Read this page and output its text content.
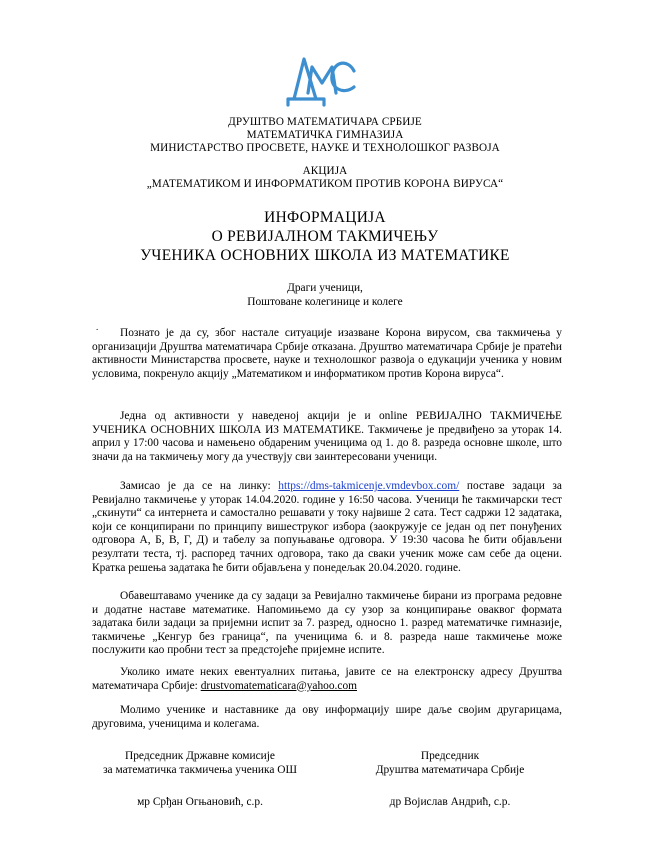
ДРУШТВО МАТЕМАТИЧАРА СРБИЈЕ
МАТЕМАТИЧКА ГИМНАЗИЈА
МИНИСТАРСТВО ПРОСВЕТЕ, НАУКЕ И ТЕХНОЛОШКОГ РАЗВОЈА
АКЦИЈА
„МАТЕМАТИКОМ И ИНФОРМАТИКОМ ПРОТИВ КОРОНА ВИРУСА“
ИНФОРМАЦИЈА
О РЕВИЈАЛНОМ ТАКМИЧЕЊУ
УЧЕНИКА ОСНОВНИХ ШКОЛА ИЗ МАТЕМАТИКЕ
Драги ученици,
Поштоване колегинице и колеге
.	Познато је да су, због настале ситуације изазване Корона вирусом, сва такмичења у организацији Друштва математичара Србије отказана. Друштво математичара Србије је пратећи активности Министарства просвете, науке и технолошког развоја о едукацији ученика у новим условима, покренуло акцију „Математиком и информатиком против Корона вируса“.
Једна од активности у наведеној акцији је и online РЕВИЈАЛНО ТАКМИЧЕЊЕ УЧЕНИКА ОСНОВНИХ ШКОЛА ИЗ МАТЕМАТИКЕ. Такмичење је предвиђено за уторак 14. април у 17:00 часова и намењено обдареним ученицима од 1. до 8. разреда основне школе, што значи да на такмичењу могу да учествују сви заинтересовани ученици.
Замисао је да се на линку: https://dms-takmicenje.vmdevbox.com/ поставе задаци за Ревијално такмичење у уторак 14.04.2020. године у 16:50 часова. Ученици ће такмичарски тест „скинути“ са интернета и самостално решавати у току највише 2 сата. Тест садржи 12 задатака, који се конципирани по принципу вишеструког избора (заокружује се један од пет понуђених одговора А, Б, В, Г, Д) и табелу за попуњавање одговора. У 19:30 часова ће бити објављени резултати теста, тј. распоред тачних одговора, тако да сваки ученик може сам себе да оцени. Кратка решења задатака ће бити објављена у понедељак 20.04.2020. године.
Обавештавамо ученике да су задаци за Ревијално такмичење бирани из програма редовне и додатне наставе математике. Напомињемо да су узор за конципирање оваквог формата задатака били задаци за пријемни испит за 7. разред, односно 1. разред математичке гимназије, такмичење „Кенгур без граница“, па ученицима 6. и 8. разреда наше такмичење може послужити као пробни тест за предстојеће пријемне испите.
Уколико имате неких евентуалних питања, јавите се на електронску адресу Друштва математичара Србије: drustvomatematicara@yahoo.com
Молимо ученике и наставнике да ову информацију шире даље својим другарицама, друговима, ученицима и колегама.
Председник Државне комисије
за математичка такмичења ученика ОШ
мр Срђан Огњановић, с.р.
Председник
Друштва математичара Србије
др Војислав Андрић, с.р.
